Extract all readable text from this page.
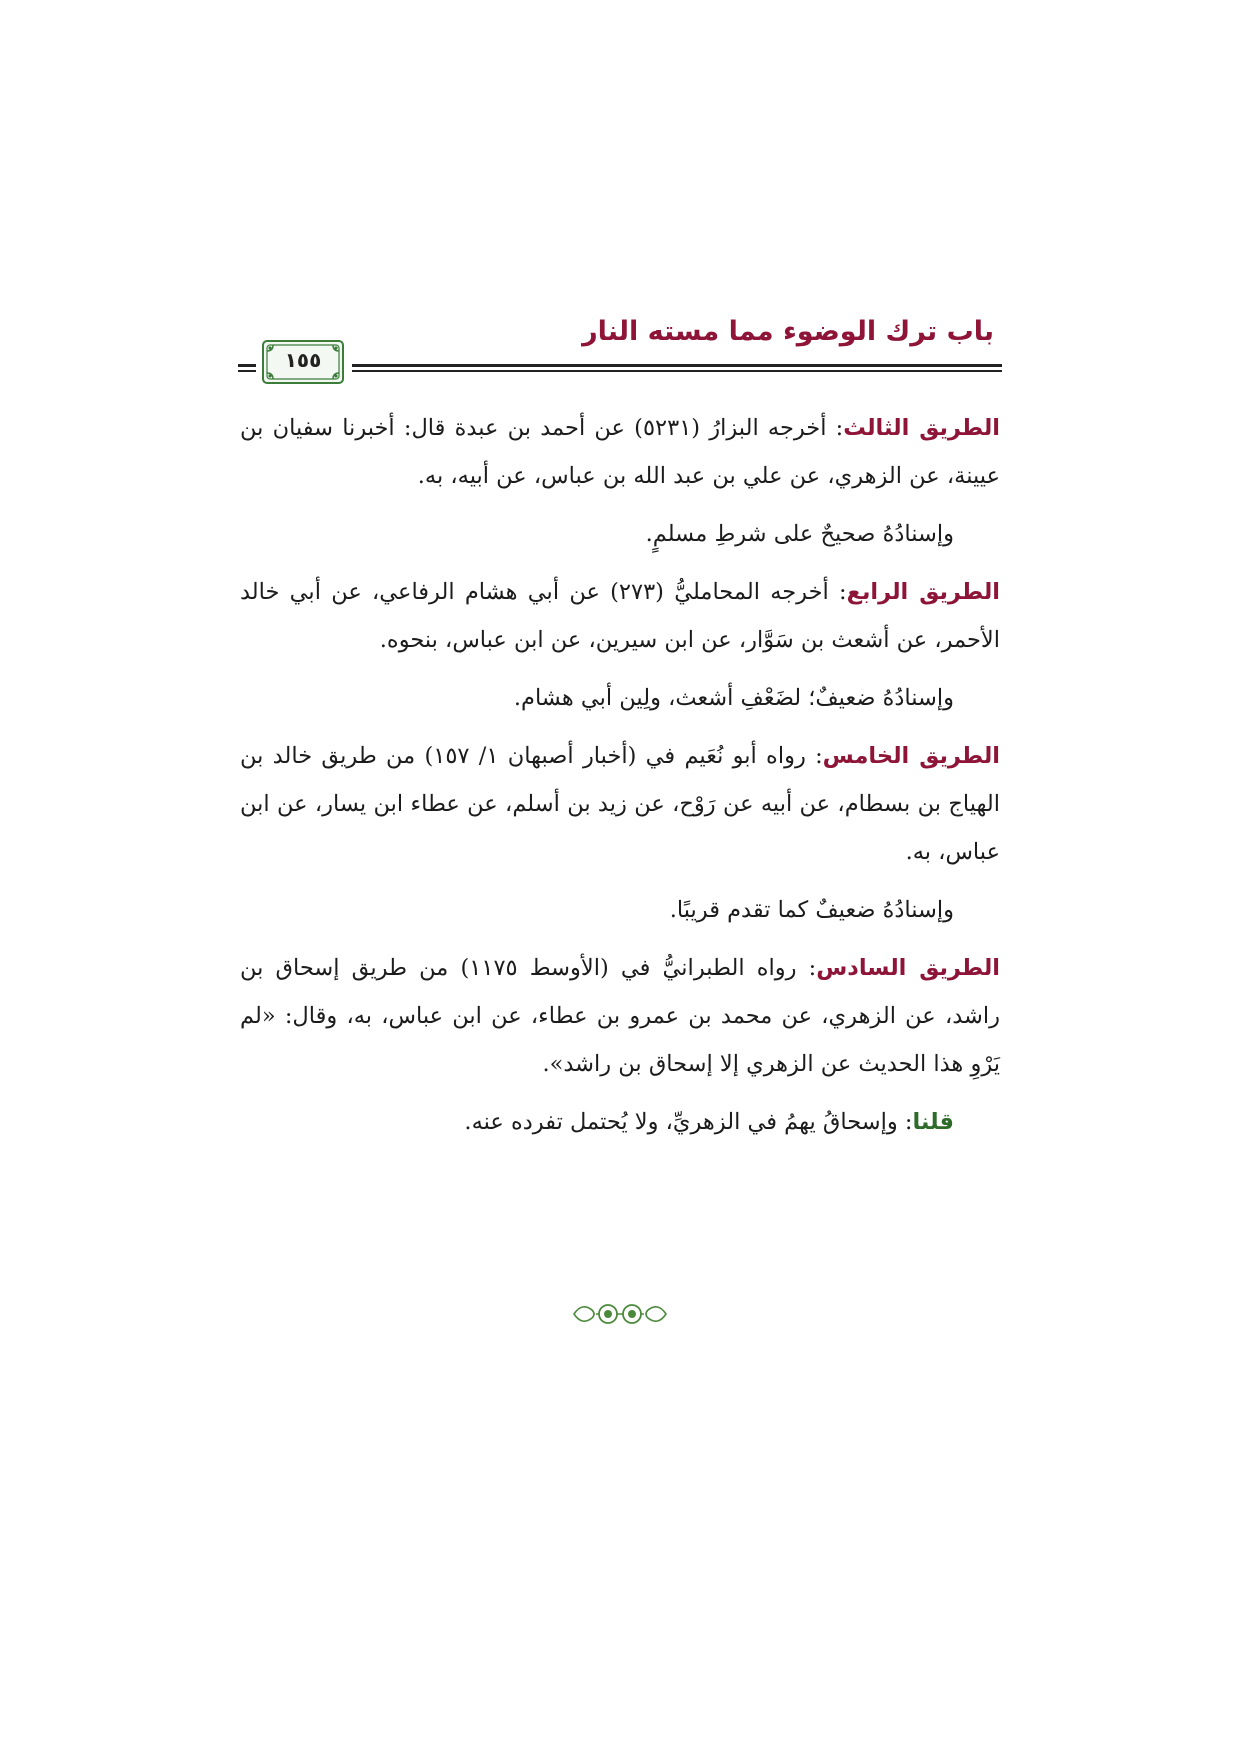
باب ترك الوضوء مما مسته النار
١٥٥

الطريق الثالث: أخرجه البزارُ (٥٢٣١) عن أحمد بن عبدة قال: أخبرنا سفيان بن عيينة، عن الزهري، عن علي بن عبد الله بن عباس، عن أبيه، به.

وإسنادُهُ صحيحٌ على شرطِ مسلمٍ.

الطريق الرابع: أخرجه المحامليُّ (٢٧٣) عن أبي هشام الرفاعي، عن أبي خالد الأحمر، عن أشعث بن سَوَّار، عن ابن سيرين، عن ابن عباس، بنحوه.

وإسنادُهُ ضعيفٌ؛ لضَعْفِ أشعث، ولِين أبي هشام.

الطريق الخامس: رواه أبو نُعَيم في (أخبار أصبهان ١/ ١٥٧) من طريق خالد بن الهياج بن بسطام، عن أبيه عن رَوْح، عن زيد بن أسلم، عن عطاء ابن يسار، عن ابن عباس، به.

وإسنادُهُ ضعيفٌ كما تقدم قريبًا.

الطريق السادس: رواه الطبرانيُّ في (الأوسط ١١٧٥) من طريق إسحاق بن راشد، عن الزهري، عن محمد بن عمرو بن عطاء، عن ابن عباس، به، وقال: «لم يَرْوِ هذا الحديث عن الزهري إلا إسحاق بن راشد».

قلنا: وإسحاقُ يهمُ في الزهريِّ، ولا يُحتمل تفرده عنه.
